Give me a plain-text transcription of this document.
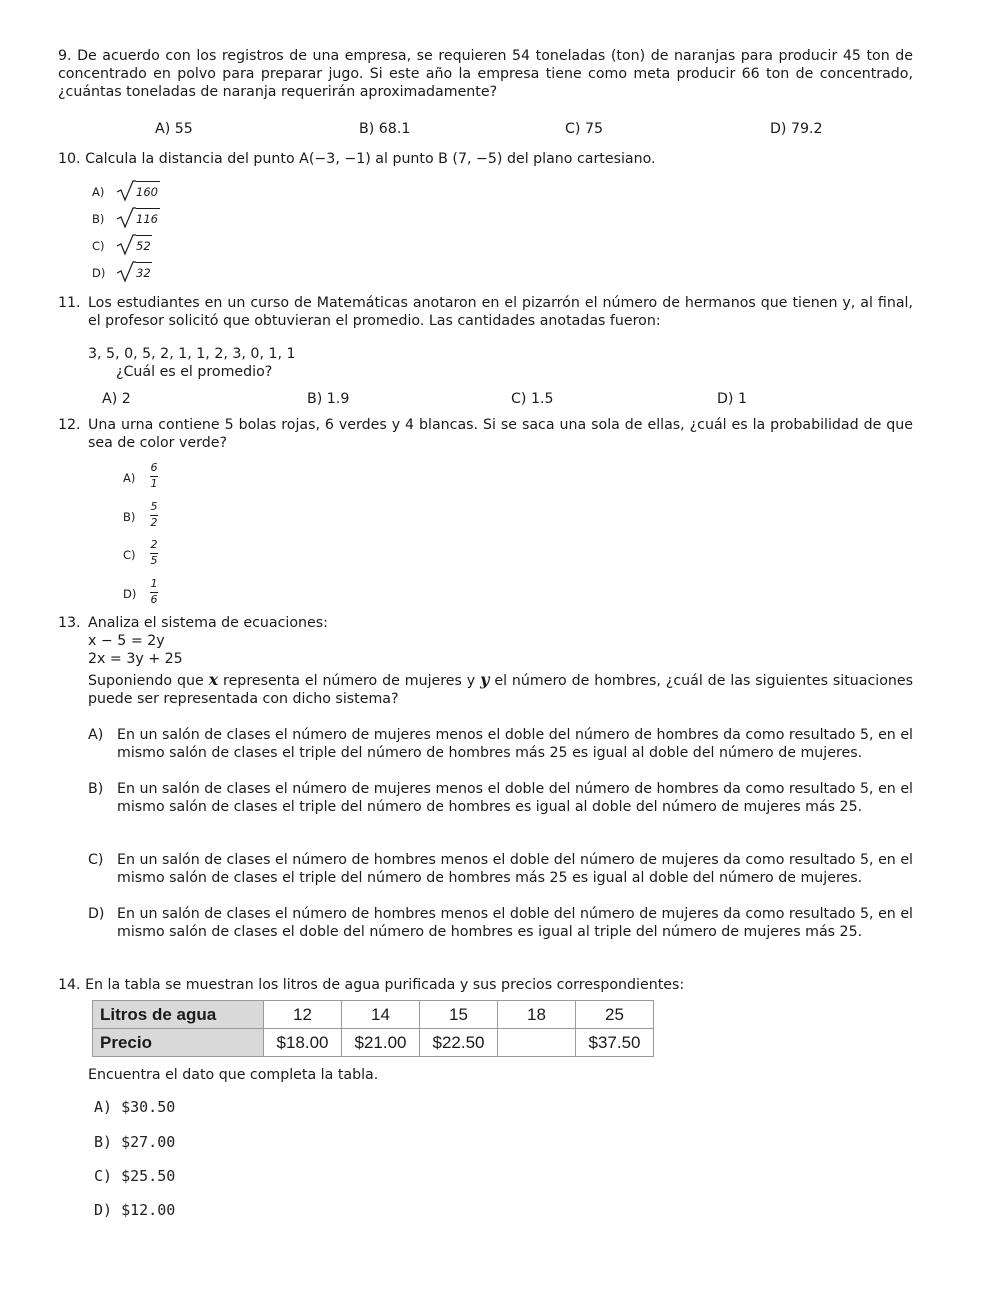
9. De acuerdo con los registros de una empresa, se requieren 54 toneladas (ton) de naranjas para producir 45 ton de concentrado en polvo para preparar jugo. Si este año la empresa tiene como meta producir 66 ton de concentrado, ¿cuántas toneladas de naranja requerirán aproximadamente?
A) 55	B) 68.1	C) 75	D) 79.2
10. Calcula la distancia del punto A(−3, −1) al punto B (7, −5) del plano cartesiano.
A)	160
B)	116
C)	52
D)	32
11. Los estudiantes en un curso de Matemáticas anotaron en el pizarrón el número de hermanos que tienen y, al final, el profesor solicitó que obtuvieran el promedio. Las cantidades anotadas fueron:
3, 5, 0, 5, 2, 1, 1, 2, 3, 0, 1, 1
¿Cuál es el promedio?
A) 2	B) 1.9	C) 1.5	D) 1
12. Una urna contiene 5 bolas rojas, 6 verdes y 4 blancas. Si se saca una sola de ellas, ¿cuál es la probabilidad de que sea de color verde?
A)
6
1
B)
5
2
C)
2
5
D)
1
6
13. Analiza el sistema de ecuaciones:
x − 5 = 2y
2x = 3y + 25
Suponiendo que x representa el número de mujeres y y el número de hombres, ¿cuál de las siguientes situaciones puede ser representada con dicho sistema?
A) En un salón de clases el número de mujeres menos el doble del número de hombres da como resultado 5, en el mismo salón de clases el triple del número de hombres más 25 es igual al doble del número de mujeres.
B) En un salón de clases el número de mujeres menos el doble del número de hombres da como resultado 5, en el mismo salón de clases el triple del número de hombres es igual al doble del número de mujeres más 25.
C) En un salón de clases el número de hombres menos el doble del número de mujeres da como resultado 5, en el mismo salón de clases el triple del número de hombres más 25 es igual al doble del número de mujeres.
D) En un salón de clases el número de hombres menos el doble del número de mujeres da como resultado 5, en el mismo salón de clases el doble del número de hombres es igual al triple del número de mujeres más 25.
14. En la tabla se muestran los litros de agua purificada y sus precios correspondientes:
Litros de agua	12	14	15	18	25
Precio	$18.00	$21.00	$22.50		$37.50
Encuentra el dato que completa la tabla.
A) $30.50
B) $27.00
C) $25.50
D) $12.00
